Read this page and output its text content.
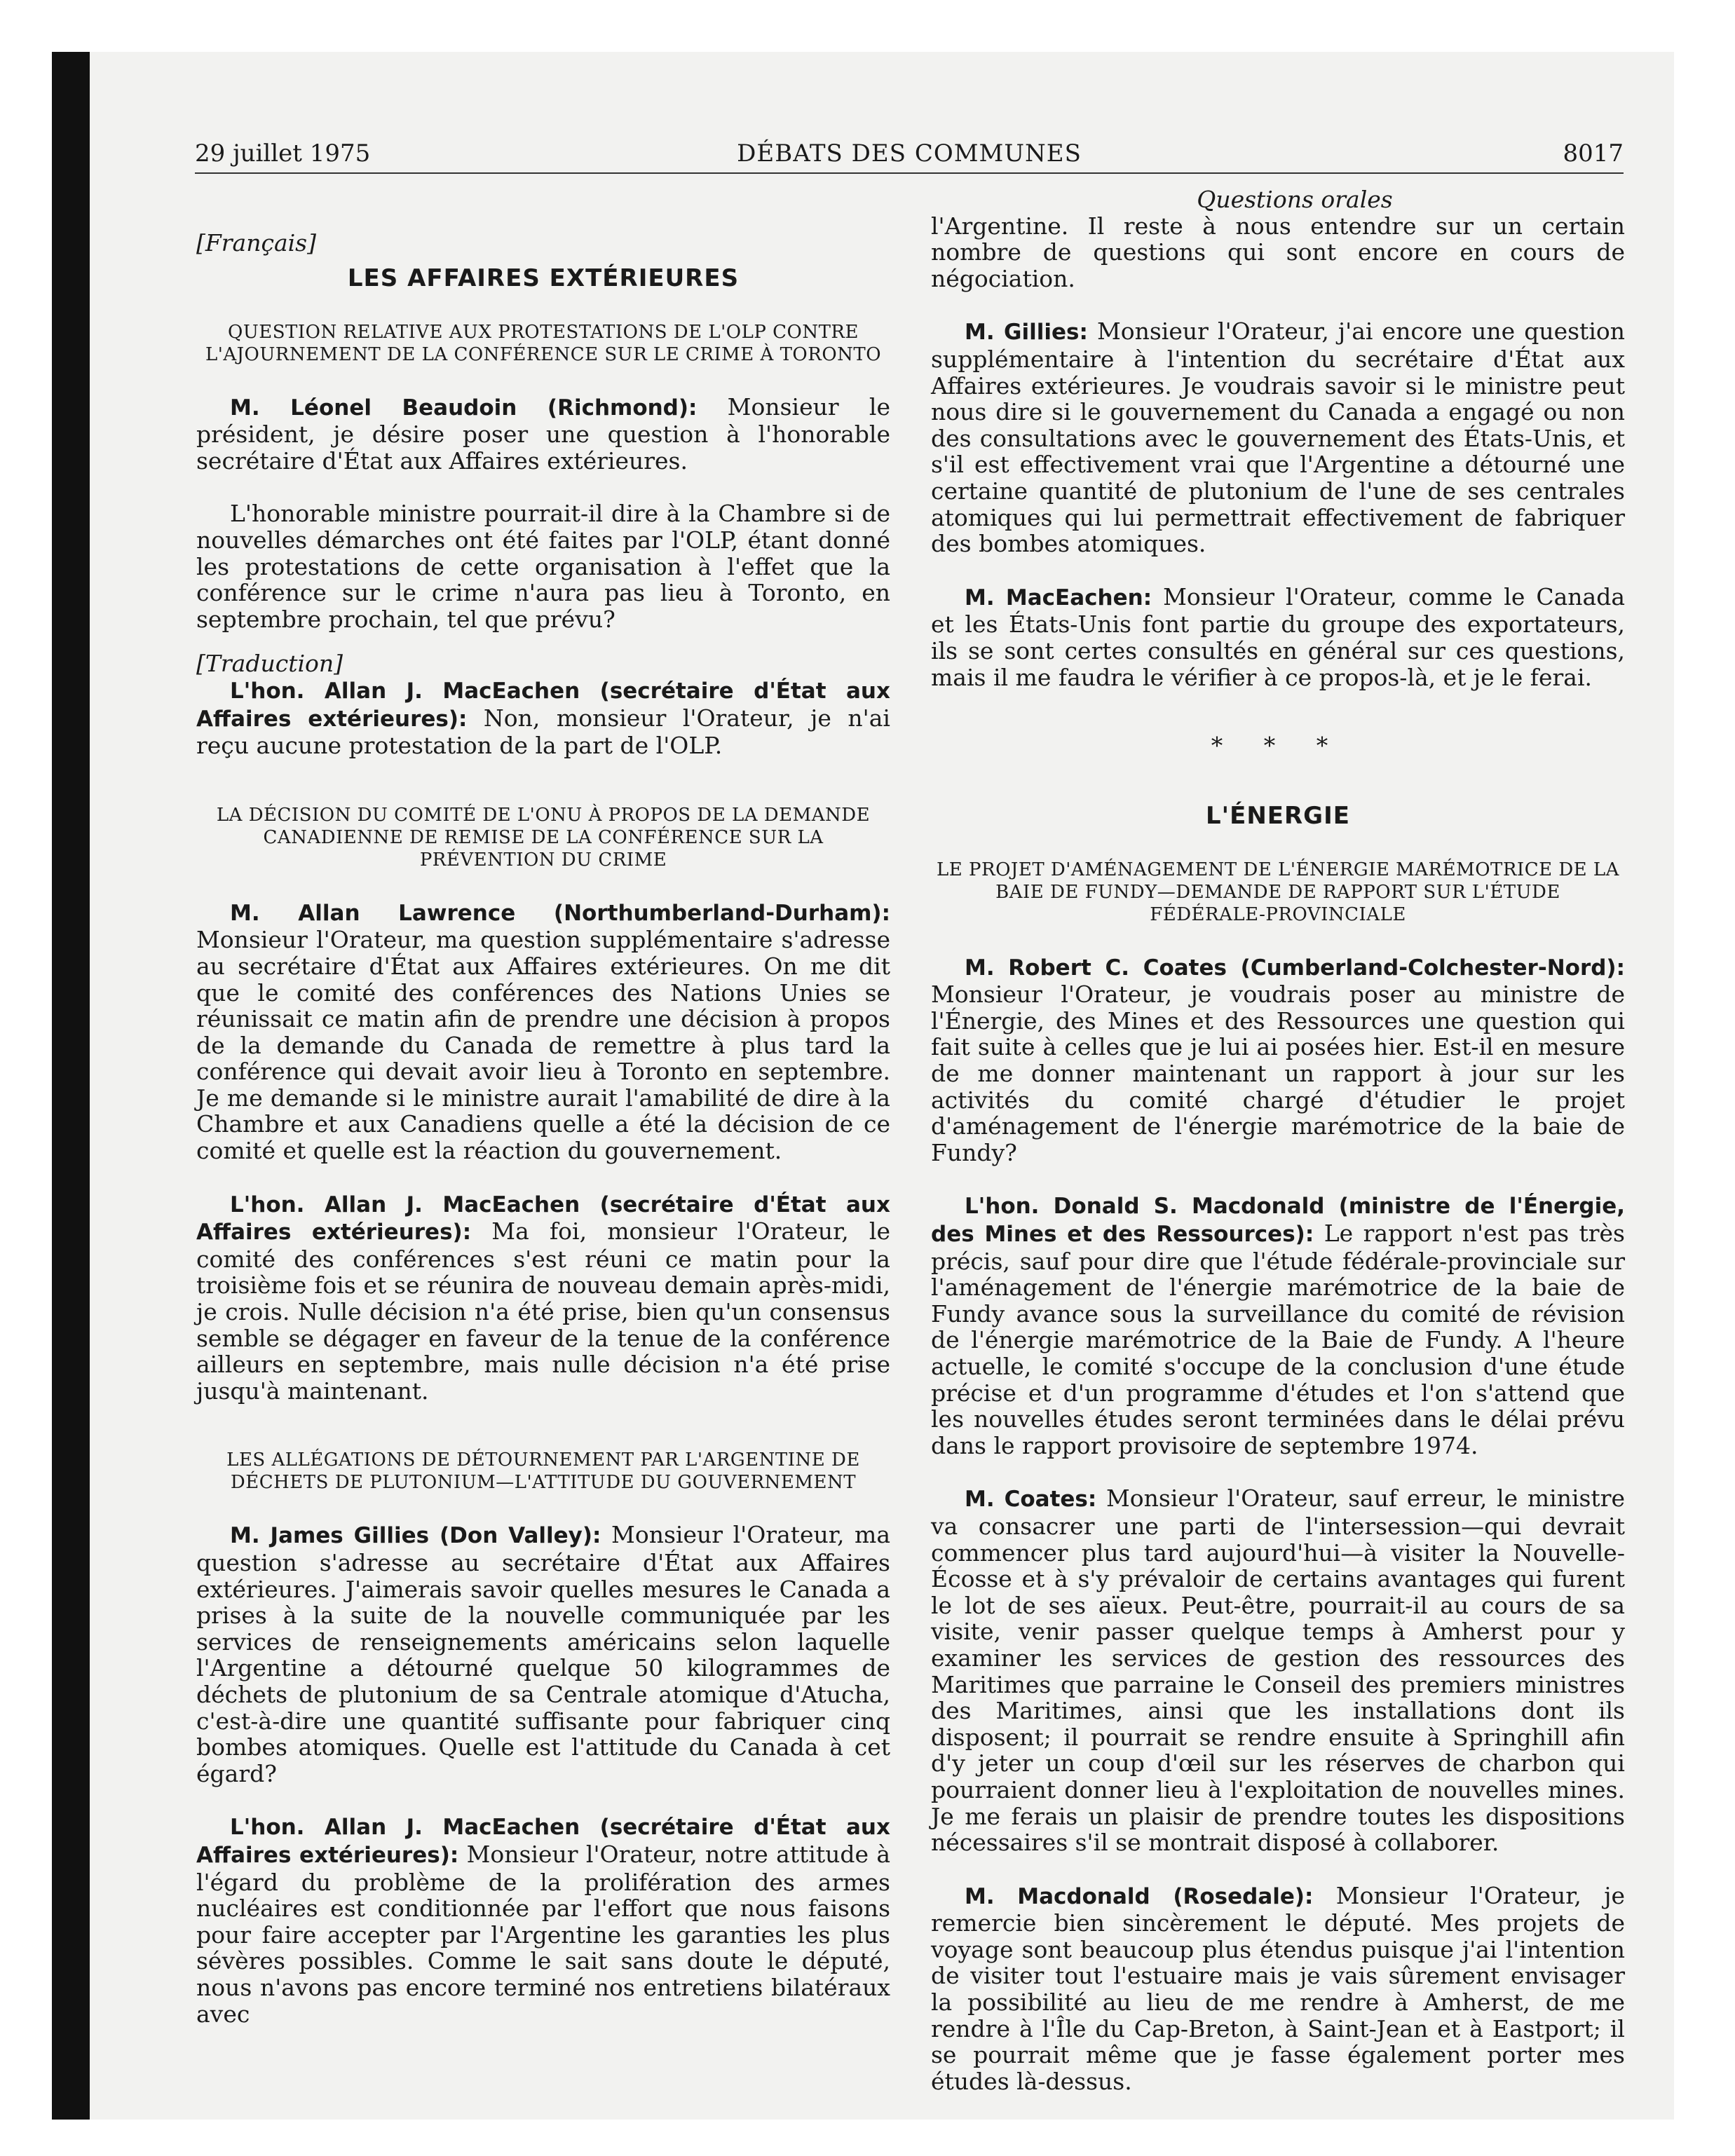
29 juillet 1975	DÉBATS DES COMMUNES	8017

[Français]

LES AFFAIRES EXTÉRIEURES
QUESTION RELATIVE AUX PROTESTATIONS DE L'OLP CONTRE L'AJOURNEMENT DE LA CONFÉRENCE SUR LE CRIME À TORONTO

M. Léonel Beaudoin (Richmond): Monsieur le président, je désire poser une question à l'honorable secrétaire d'État aux Affaires extérieures.

L'honorable ministre pourrait-il dire à la Chambre si de nouvelles démarches ont été faites par l'OLP, étant donné les protestations de cette organisation à l'effet que la conférence sur le crime n'aura pas lieu à Toronto, en septembre prochain, tel que prévu?

[Traduction]

L'hon. Allan J. MacEachen (secrétaire d'État aux Affaires extérieures): Non, monsieur l'Orateur, je n'ai reçu aucune protestation de la part de l'OLP.

LA DÉCISION DU COMITÉ DE L'ONU À PROPOS DE LA DEMANDE CANADIENNE DE REMISE DE LA CONFÉRENCE SUR LA PRÉVENTION DU CRIME

M. Allan Lawrence (Northumberland-Durham): Monsieur l'Orateur, ma question supplémentaire s'adresse au secrétaire d'État aux Affaires extérieures. On me dit que le comité des conférences des Nations Unies se réunissait ce matin afin de prendre une décision à propos de la demande du Canada de remettre à plus tard la conférence qui devait avoir lieu à Toronto en septembre. Je me demande si le ministre aurait l'amabilité de dire à la Chambre et aux Canadiens quelle a été la décision de ce comité et quelle est la réaction du gouvernement.

L'hon. Allan J. MacEachen (secrétaire d'État aux Affaires extérieures): Ma foi, monsieur l'Orateur, le comité des conférences s'est réuni ce matin pour la troisième fois et se réunira de nouveau demain après-midi, je crois. Nulle décision n'a été prise, bien qu'un consensus semble se dégager en faveur de la tenue de la conférence ailleurs en septembre, mais nulle décision n'a été prise jusqu'à maintenant.

LES ALLÉGATIONS DE DÉTOURNEMENT PAR L'ARGENTINE DE DÉCHETS DE PLUTONIUM—L'ATTITUDE DU GOUVERNEMENT

M. James Gillies (Don Valley): Monsieur l'Orateur, ma question s'adresse au secrétaire d'État aux Affaires extérieures. J'aimerais savoir quelles mesures le Canada a prises à la suite de la nouvelle communiquée par les services de renseignements américains selon laquelle l'Argentine a détourné quelque 50 kilogrammes de déchets de plutonium de sa Centrale atomique d'Atucha, c'est-à-dire une quantité suffisante pour fabriquer cinq bombes atomiques. Quelle est l'attitude du Canada à cet égard?

L'hon. Allan J. MacEachen (secrétaire d'État aux Affaires extérieures): Monsieur l'Orateur, notre attitude à l'égard du problème de la prolifération des armes nucléaires est conditionnée par l'effort que nous faisons pour faire accepter par l'Argentine les garanties les plus sévères possibles. Comme le sait sans doute le député, nous n'avons pas encore terminé nos entretiens bilatéraux avec

Questions orales

l'Argentine. Il reste à nous entendre sur un certain nombre de questions qui sont encore en cours de négociation.

M. Gillies: Monsieur l'Orateur, j'ai encore une question supplémentaire à l'intention du secrétaire d'État aux Affaires extérieures. Je voudrais savoir si le ministre peut nous dire si le gouvernement du Canada a engagé ou non des consultations avec le gouvernement des États-Unis, et s'il est effectivement vrai que l'Argentine a détourné une certaine quantité de plutonium de l'une de ses centrales atomiques qui lui permettrait effectivement de fabriquer des bombes atomiques.

M. MacEachen: Monsieur l'Orateur, comme le Canada et les États-Unis font partie du groupe des exportateurs, ils se sont certes consultés en général sur ces questions, mais il me faudra le vérifier à ce propos-là, et je le ferai.

* * *
L'ÉNERGIE
LE PROJET D'AMÉNAGEMENT DE L'ÉNERGIE MARÉMOTRICE DE LA BAIE DE FUNDY—DEMANDE DE RAPPORT SUR L'ÉTUDE FÉDÉRALE-PROVINCIALE

M. Robert C. Coates (Cumberland-Colchester-Nord): Monsieur l'Orateur, je voudrais poser au ministre de l'Énergie, des Mines et des Ressources une question qui fait suite à celles que je lui ai posées hier. Est-il en mesure de me donner maintenant un rapport à jour sur les activités du comité chargé d'étudier le projet d'aménagement de l'énergie marémotrice de la baie de Fundy?

L'hon. Donald S. Macdonald (ministre de l'Énergie, des Mines et des Ressources): Le rapport n'est pas très précis, sauf pour dire que l'étude fédérale-provinciale sur l'aménagement de l'énergie marémotrice de la baie de Fundy avance sous la surveillance du comité de révision de l'énergie marémotrice de la Baie de Fundy. A l'heure actuelle, le comité s'occupe de la conclusion d'une étude précise et d'un programme d'études et l'on s'attend que les nouvelles études seront terminées dans le délai prévu dans le rapport provisoire de septembre 1974.

M. Coates: Monsieur l'Orateur, sauf erreur, le ministre va consacrer une parti de l'intersession—qui devrait commencer plus tard aujourd'hui—à visiter la Nouvelle-Écosse et à s'y prévaloir de certains avantages qui furent le lot de ses aïeux. Peut-être, pourrait-il au cours de sa visite, venir passer quelque temps à Amherst pour y examiner les services de gestion des ressources des Maritimes que parraine le Conseil des premiers ministres des Maritimes, ainsi que les installations dont ils disposent; il pourrait se rendre ensuite à Springhill afin d'y jeter un coup d'œil sur les réserves de charbon qui pourraient donner lieu à l'exploitation de nouvelles mines. Je me ferais un plaisir de prendre toutes les dispositions nécessaires s'il se montrait disposé à collaborer.

M. Macdonald (Rosedale): Monsieur l'Orateur, je remercie bien sincèrement le député. Mes projets de voyage sont beaucoup plus étendus puisque j'ai l'intention de visiter tout l'estuaire mais je vais sûrement envisager la possibilité au lieu de me rendre à Amherst, de me rendre à l'Île du Cap-Breton, à Saint-Jean et à Eastport; il se pourrait même que je fasse également porter mes études là-dessus.
